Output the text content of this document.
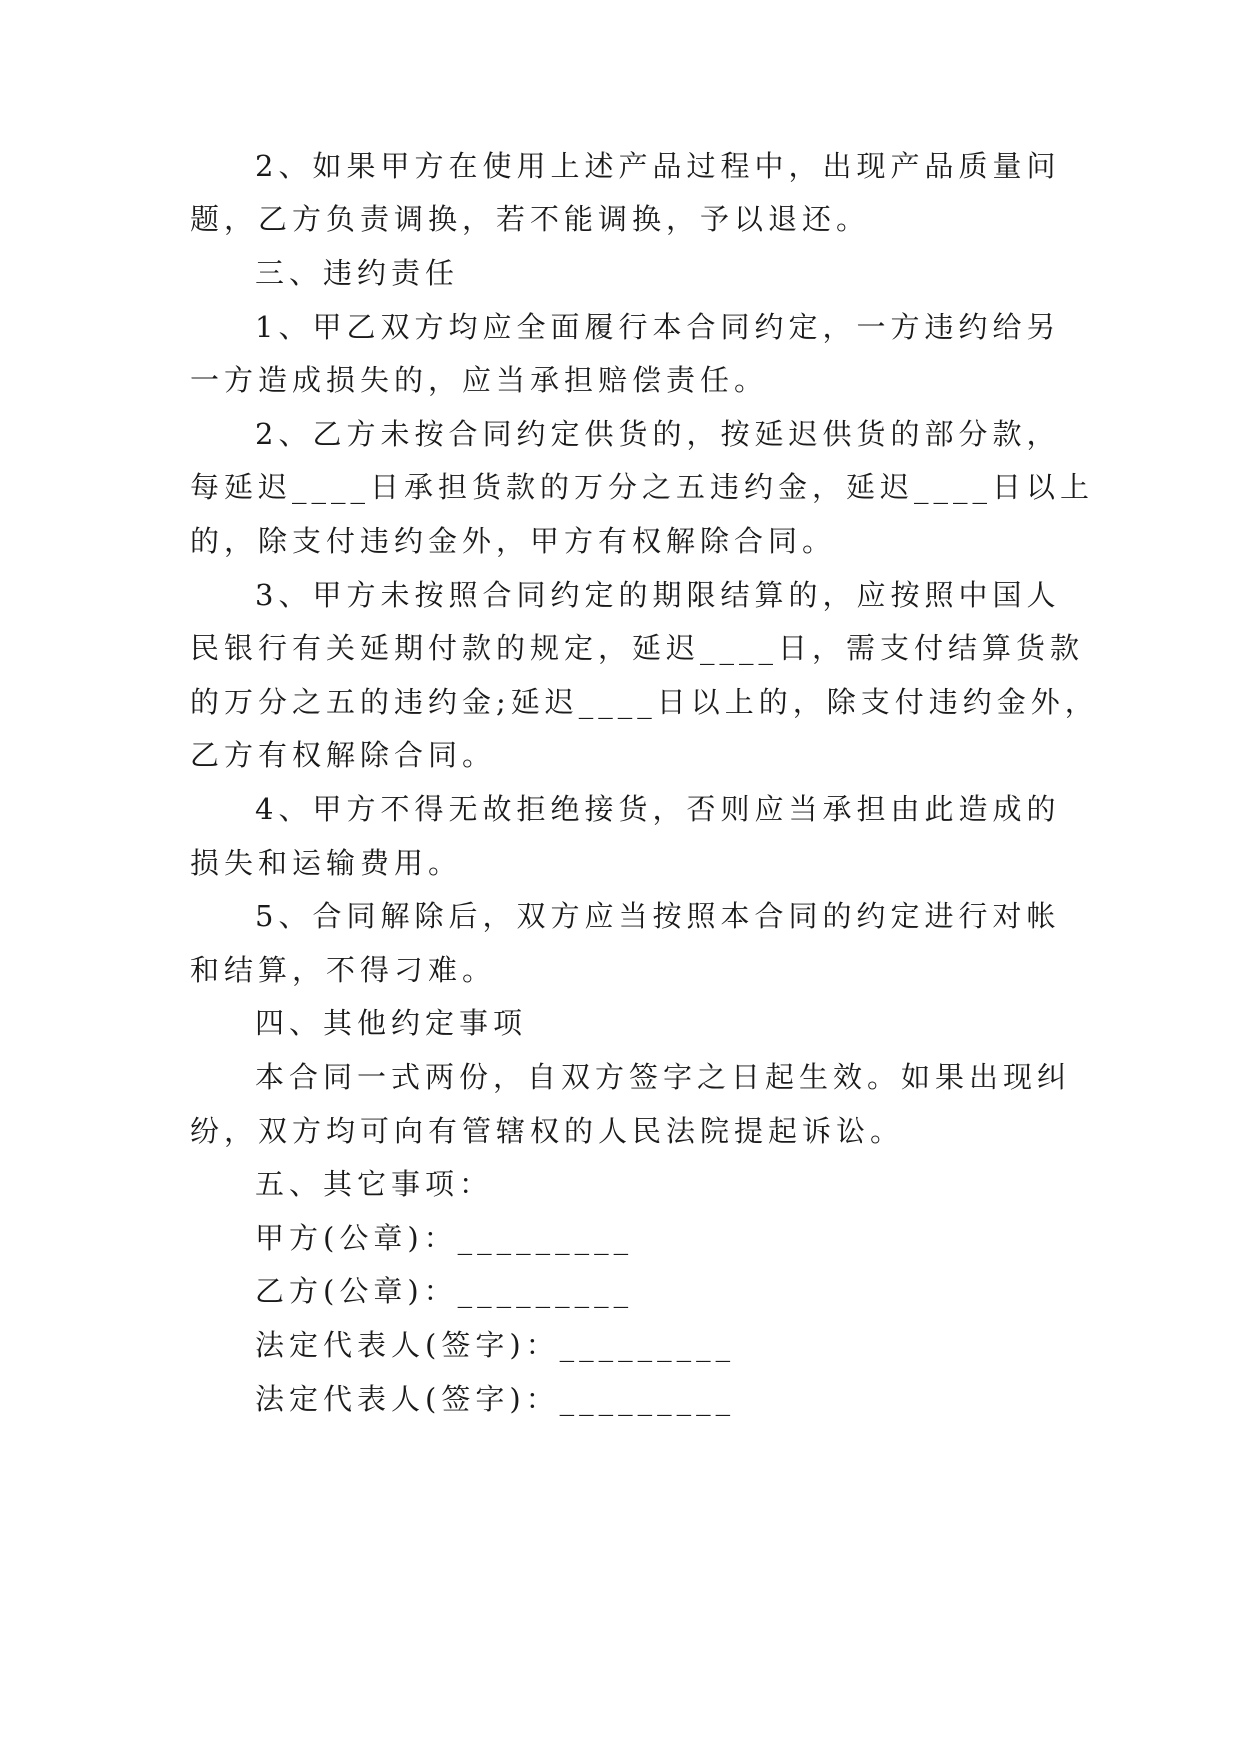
2、如果甲方在使用上述产品过程中，出现产品质量问

题，乙方负责调换，若不能调换，予以退还。

三、违约责任

1、甲乙双方均应全面履行本合同约定，一方违约给另

一方造成损失的，应当承担赔偿责任。

2、乙方未按合同约定供货的，按延迟供货的部分款，

每延迟____日承担货款的万分之五违约金，延迟____日以上

的，除支付违约金外，甲方有权解除合同。

3、甲方未按照合同约定的期限结算的，应按照中国人

民银行有关延期付款的规定，延迟____日，需支付结算货款

的万分之五的违约金;延迟____日以上的，除支付违约金外，

乙方有权解除合同。

4、甲方不得无故拒绝接货，否则应当承担由此造成的

损失和运输费用。

5、合同解除后，双方应当按照本合同的约定进行对帐

和结算，不得刁难。

四、其他约定事项

本合同一式两份，自双方签字之日起生效。如果出现纠

纷，双方均可向有管辖权的人民法院提起诉讼。

五、其它事项：

甲方(公章)：_________

乙方(公章)：_________

法定代表人(签字)：_________

法定代表人(签字)：_________
